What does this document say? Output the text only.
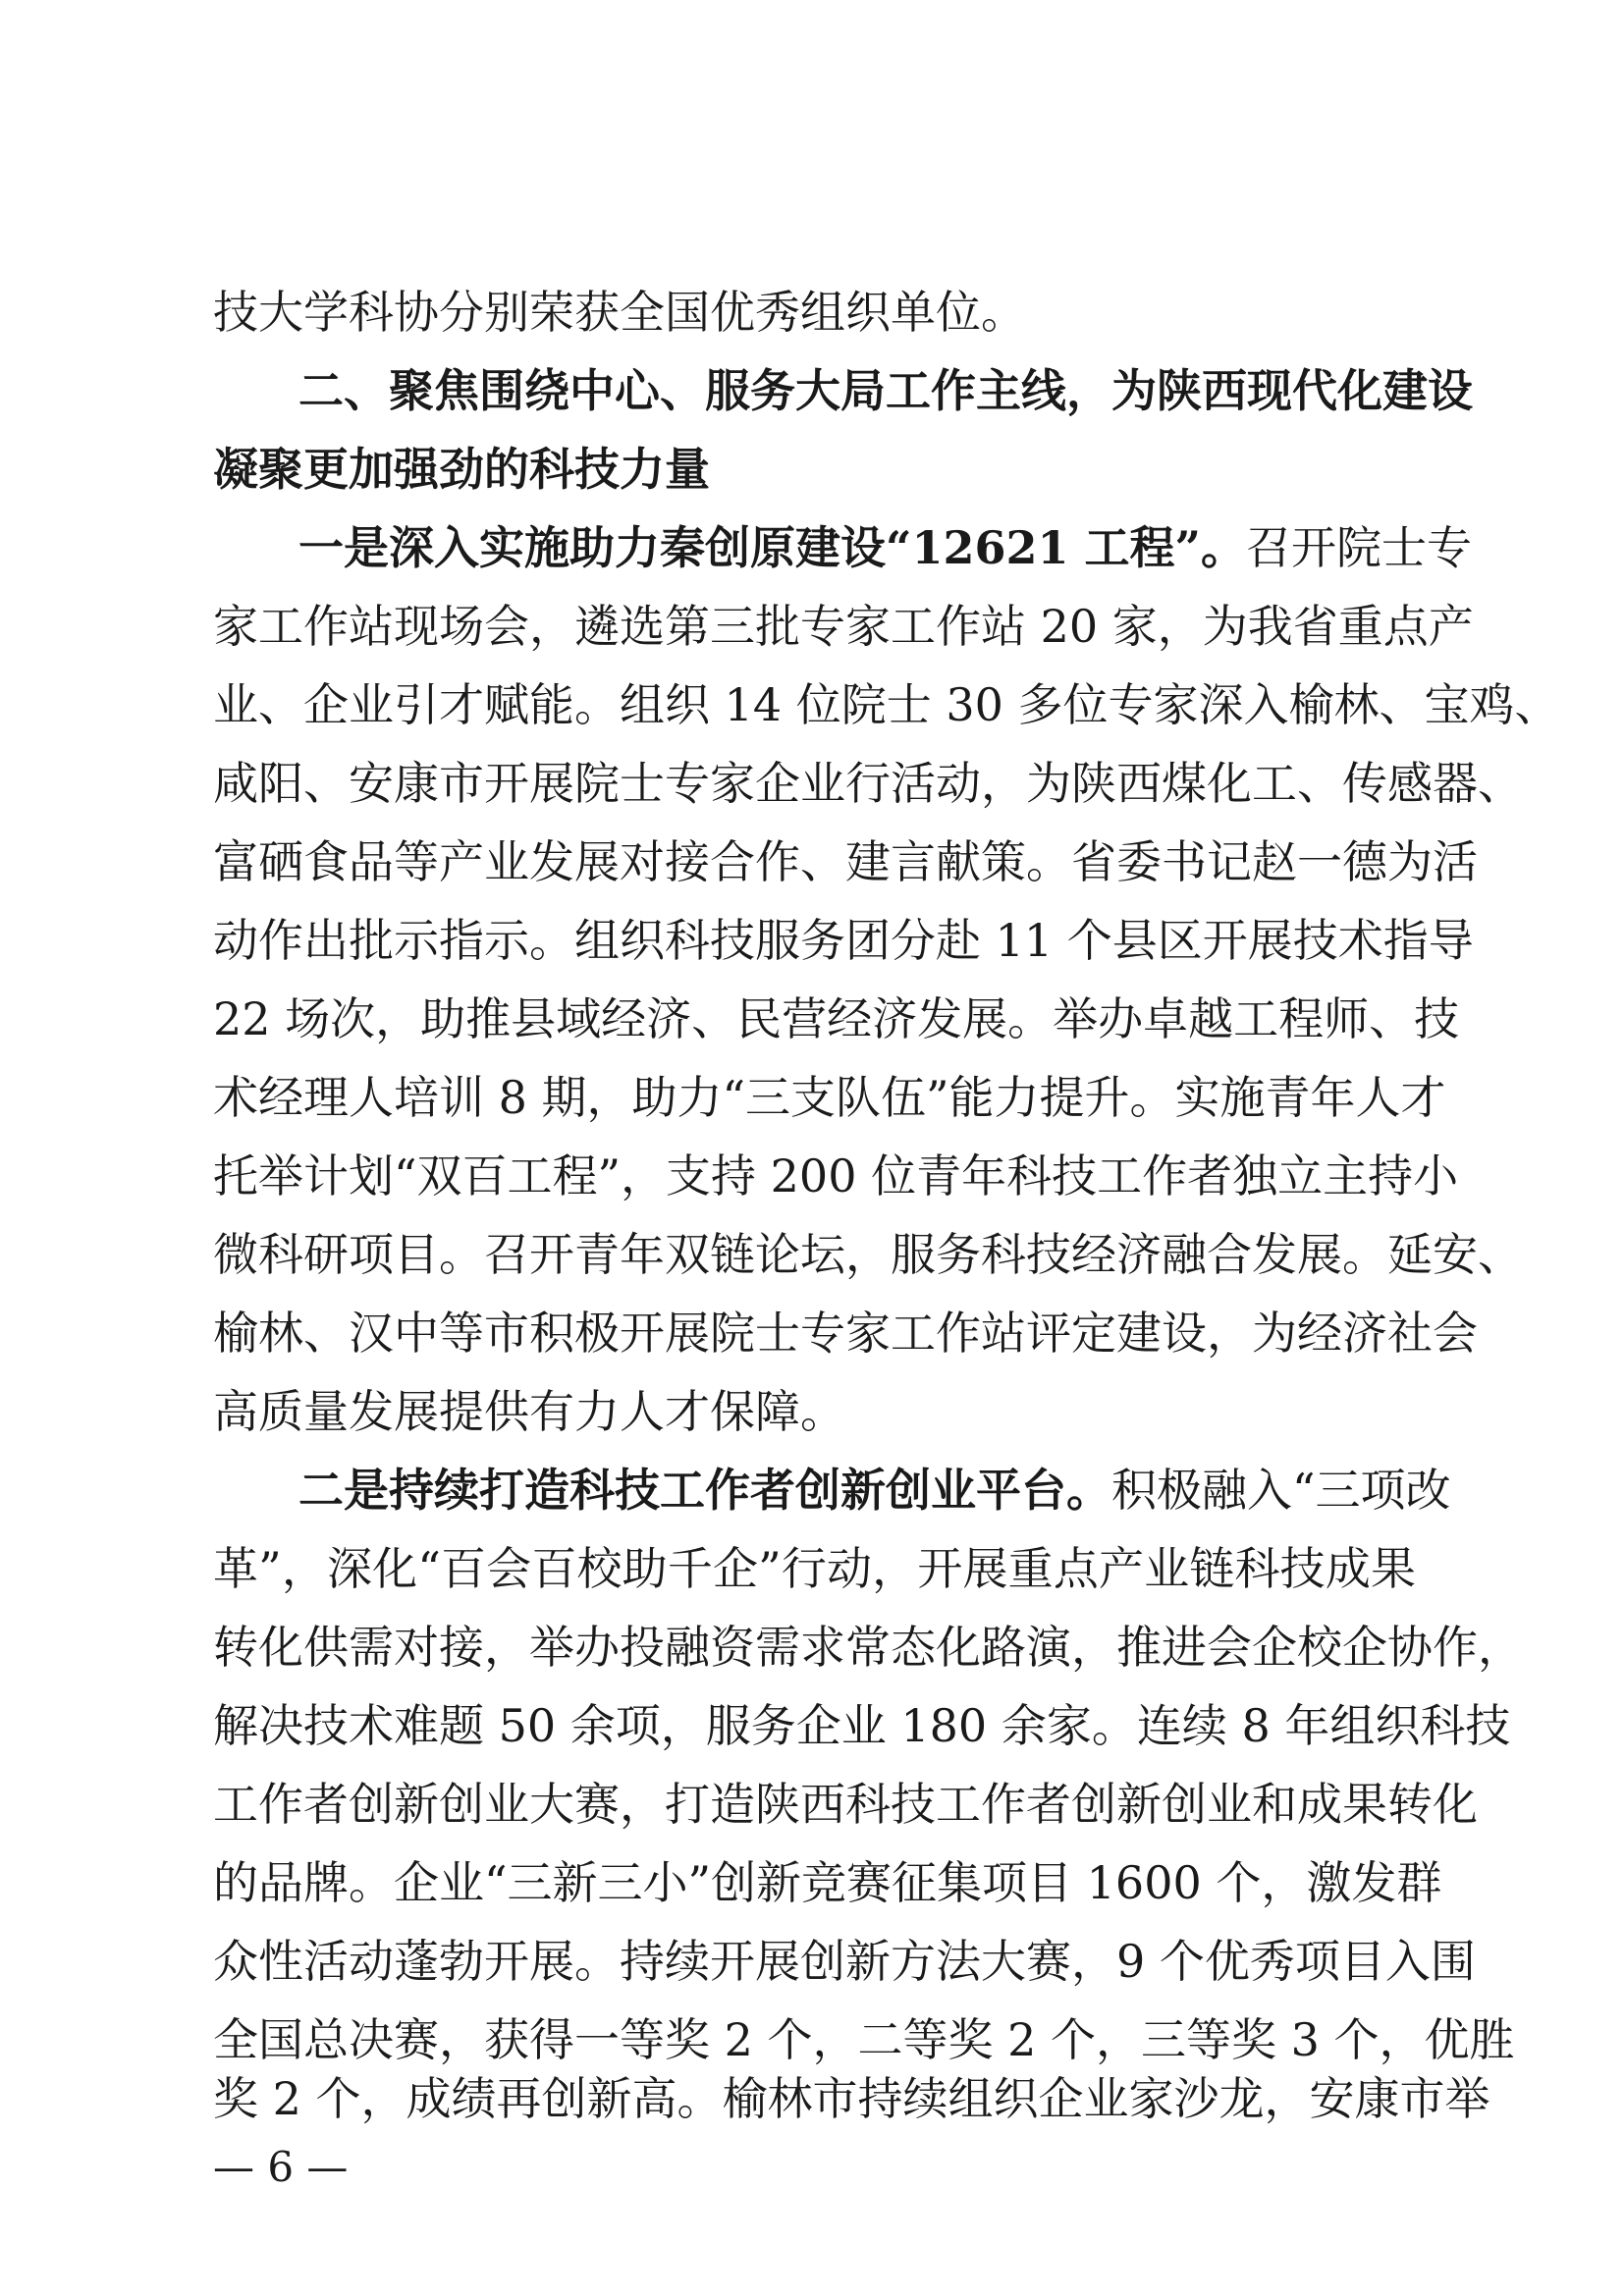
技大学科协分别荣获全国优秀组织单位。
二、聚焦围绕中心、服务大局工作主线，为陕西现代化建设
凝聚更加强劲的科技力量
一是深入实施助力秦创原建设“12621 工程”。召开院士专
家工作站现场会，遴选第三批专家工作站 20 家，为我省重点产
业、企业引才赋能。组织 14 位院士 30 多位专家深入榆林、宝鸡、
咸阳、安康市开展院士专家企业行活动，为陕西煤化工、传感器、
富硒食品等产业发展对接合作、建言献策。省委书记赵一德为活
动作出批示指示。组织科技服务团分赴 11 个县区开展技术指导
22 场次，助推县域经济、民营经济发展。举办卓越工程师、技
术经理人培训 8 期，助力“三支队伍”能力提升。实施青年人才
托举计划“双百工程”，支持 200 位青年科技工作者独立主持小
微科研项目。召开青年双链论坛，服务科技经济融合发展。延安、
榆林、汉中等市积极开展院士专家工作站评定建设，为经济社会
高质量发展提供有力人才保障。
二是持续打造科技工作者创新创业平台。积极融入“三项改
革”，深化“百会百校助千企”行动，开展重点产业链科技成果
转化供需对接，举办投融资需求常态化路演，推进会企校企协作，
解决技术难题 50 余项，服务企业 180 余家。连续 8 年组织科技
工作者创新创业大赛，打造陕西科技工作者创新创业和成果转化
的品牌。企业“三新三小”创新竞赛征集项目 1600 个，激发群
众性活动蓬勃开展。持续开展创新方法大赛，9 个优秀项目入围
全国总决赛，获得一等奖 2 个，二等奖 2 个，三等奖 3 个，优胜
奖 2 个，成绩再创新高。榆林市持续组织企业家沙龙，安康市举
— 6 —
